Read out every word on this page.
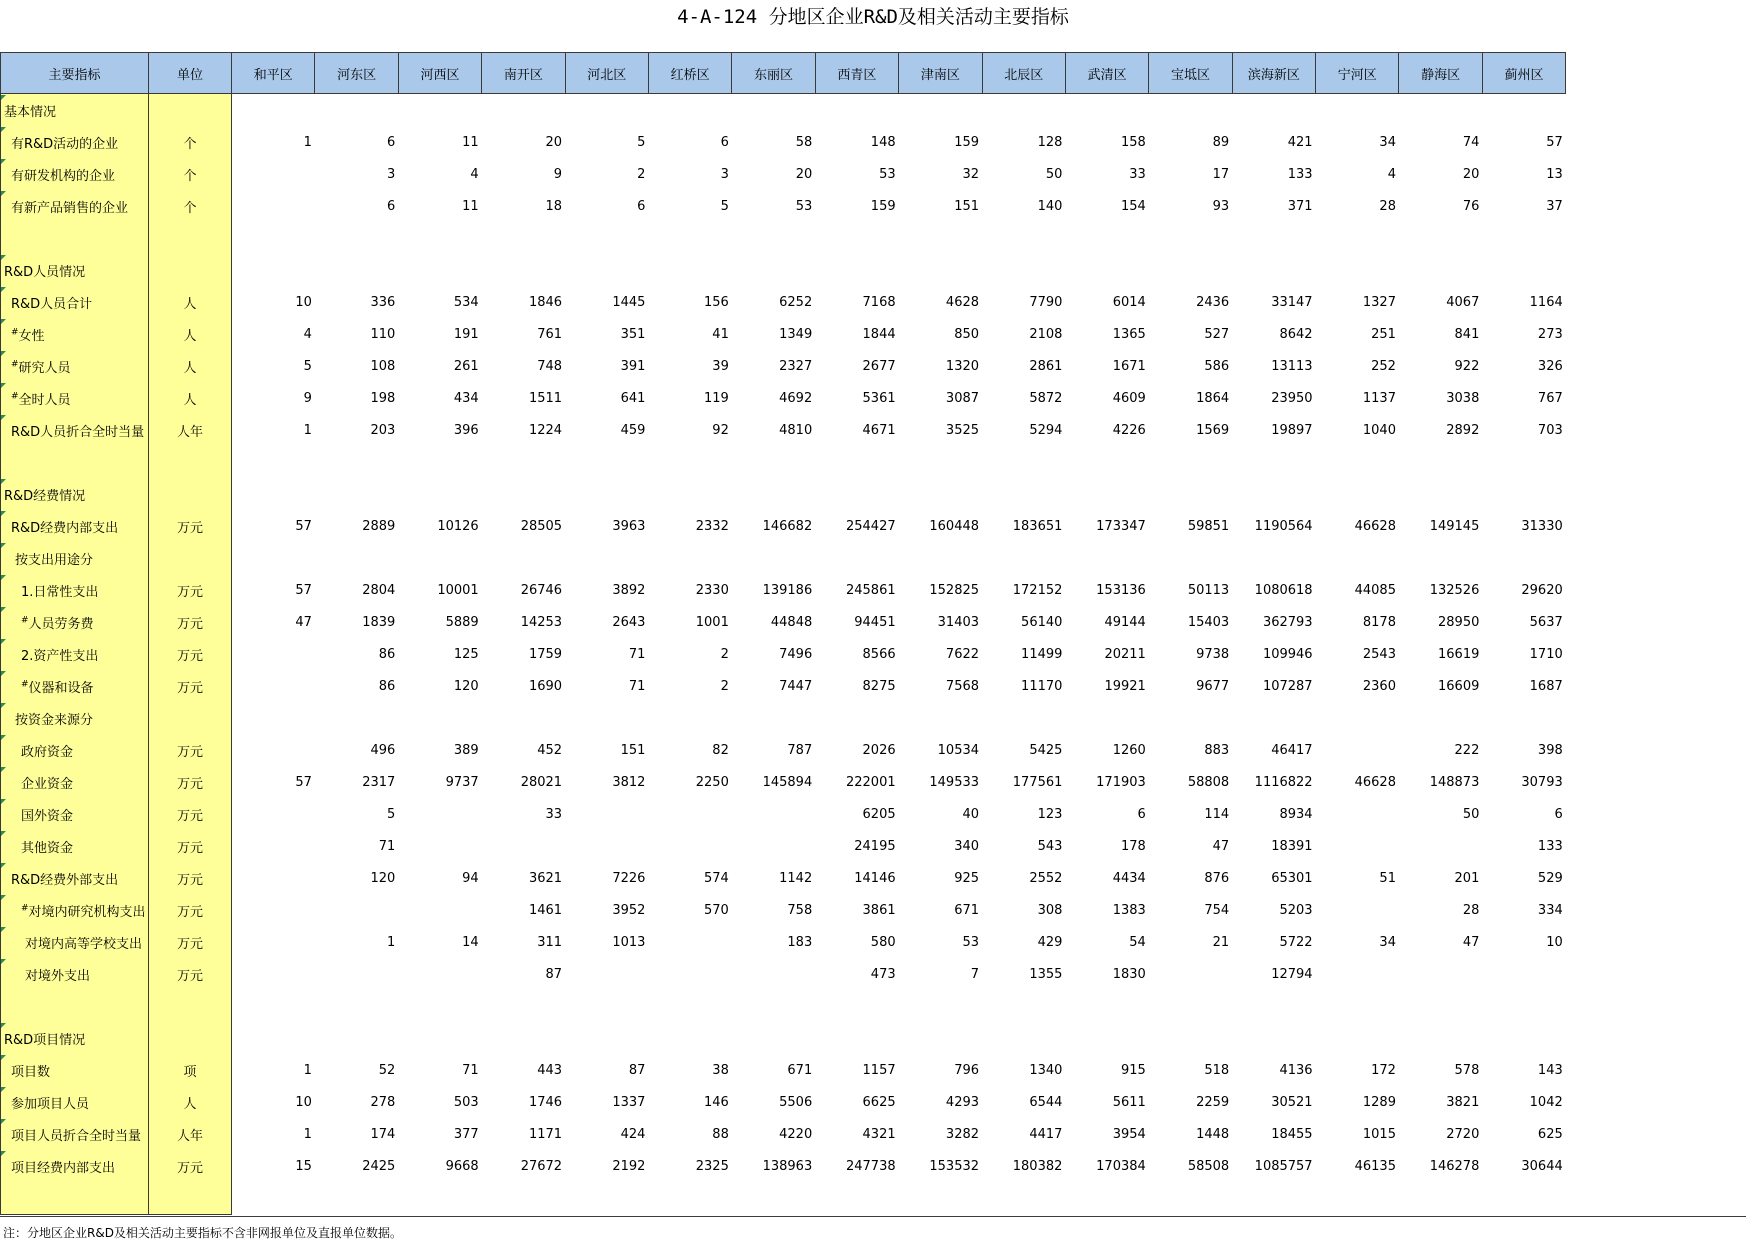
4-A-124 分地区企业R&D及相关活动主要指标
主要指标	单位	和平区	河东区	河西区	南开区	河北区	红桥区	东丽区	西青区	津南区	北辰区	武清区	宝坻区	滨海新区	宁河区	静海区	蓟州区

基本情况																	

有R&D活动的企业	个	1	6	11	20	5	6	58	148	159	128	158	89	421	34	74	57

有研发机构的企业	个		3	4	9	2	3	20	53	32	50	33	17	133	4	20	13

有新产品销售的企业	个		6	11	18	6	5	53	159	151	140	154	93	371	28	76	37

R&D人员情况																	

R&D人员合计	人	10	336	534	1846	1445	156	6252	7168	4628	7790	6014	2436	33147	1327	4067	1164

#女性	人	4	110	191	761	351	41	1349	1844	850	2108	1365	527	8642	251	841	273

#研究人员	人	5	108	261	748	391	39	2327	2677	1320	2861	1671	586	13113	252	922	326

#全时人员	人	9	198	434	1511	641	119	4692	5361	3087	5872	4609	1864	23950	1137	3038	767

R&D人员折合全时当量	人年	1	203	396	1224	459	92	4810	4671	3525	5294	4226	1569	19897	1040	2892	703

R&D经费情况																	

R&D经费内部支出	万元	57	2889	10126	28505	3963	2332	146682	254427	160448	183651	173347	59851	1190564	46628	149145	31330

按支出用途分																	

1.日常性支出	万元	57	2804	10001	26746	3892	2330	139186	245861	152825	172152	153136	50113	1080618	44085	132526	29620

#人员劳务费	万元	47	1839	5889	14253	2643	1001	44848	94451	31403	56140	49144	15403	362793	8178	28950	5637

2.资产性支出	万元		86	125	1759	71	2	7496	8566	7622	11499	20211	9738	109946	2543	16619	1710

#仪器和设备	万元		86	120	1690	71	2	7447	8275	7568	11170	19921	9677	107287	2360	16609	1687

按资金来源分																	

政府资金	万元		496	389	452	151	82	787	2026	10534	5425	1260	883	46417		222	398

企业资金	万元	57	2317	9737	28021	3812	2250	145894	222001	149533	177561	171903	58808	1116822	46628	148873	30793

国外资金	万元		5		33				6205	40	123	6	114	8934		50	6

其他资金	万元		71						24195	340	543	178	47	18391			133

R&D经费外部支出	万元		120	94	3621	7226	574	1142	14146	925	2552	4434	876	65301	51	201	529

#对境内研究机构支出	万元				1461	3952	570	758	3861	671	308	1383	754	5203		28	334

对境内高等学校支出	万元		1	14	311	1013		183	580	53	429	54	21	5722	34	47	10

对境外支出	万元				87				473	7	1355	1830		12794			

R&D项目情况																	

项目数	项	1	52	71	443	87	38	671	1157	796	1340	915	518	4136	172	578	143

参加项目人员	人	10	278	503	1746	1337	146	5506	6625	4293	6544	5611	2259	30521	1289	3821	1042

项目人员折合全时当量	人年	1	174	377	1171	424	88	4220	4321	3282	4417	3954	1448	18455	1015	2720	625

项目经费内部支出	万元	15	2425	9668	27672	2192	2325	138963	247738	153532	180382	170384	58508	1085757	46135	146278	30644

注：分地区企业R&D及相关活动主要指标不含非网报单位及直报单位数据。
